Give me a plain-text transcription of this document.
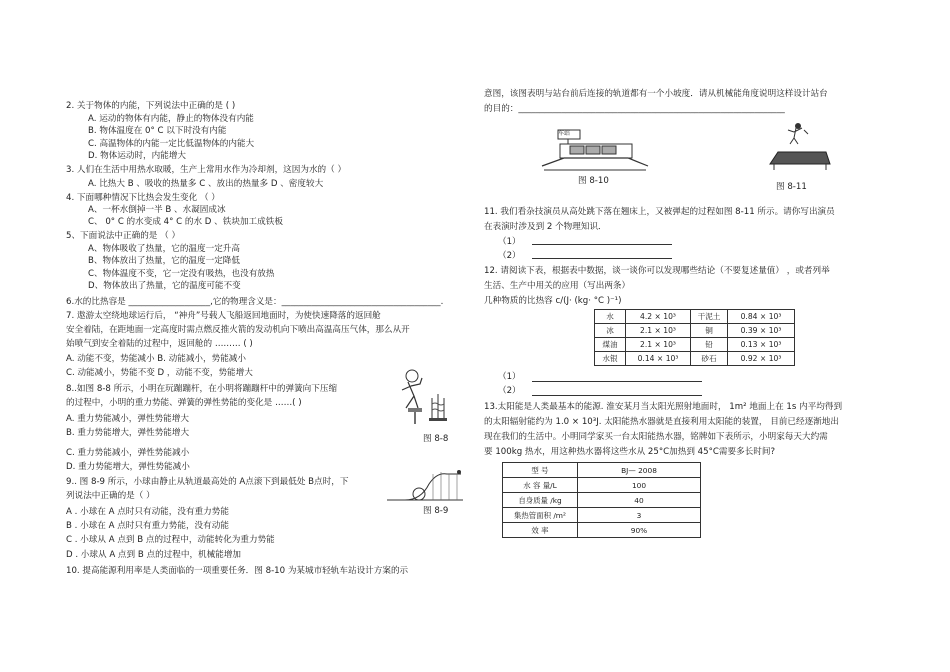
2. 关于物体的内能，下列说法中正确的是 ( )
A. 运动的物体有内能，静止的物体没有内能
B. 物体温度在 0° C 以下时没有内能
C. 高温物体的内能一定比低温物体的内能大
D. 物体运动时，内能增大
3. 人们在生活中用热水取暖，生产上常用水作为冷却剂，这因为水的（ ）
A. 比热大 B 、吸收的热量多 C 、放出的热量多 D 、密度较大
4. 下面哪种情况下比热会发生变化 （ ）
A、一杯水倒掉一半 B 、水凝固成冰
C、 0° C 的水变成 4° C 的水 D 、铁块加工成铁板
5、下面说法中正确的是 （ ）
A、物体吸收了热量，它的温度一定升高
B、物体放出了热量，它的温度一定降低
C、物体温度不变，它一定没有吸热，也没有放热
D、物体放出了热量，它的温度可能不变
6.水的比热容是 ___________________,它的物理含义是：_____________________________________.
7. 遨游太空绕地球运行后， “神舟”号载人飞船返回地面时，为使快速降落的返回舱
安全着陆，在距地面一定高度时需点燃反推火箭的发动机向下喷出高温高压气体，那么从开
始喷气到安全着陆的过程中，返回舱的 ……… ( )
A. 动能不变，势能减小 B. 动能减小，势能减小
C. 动能减小，势能不变 D ，动能不变，势能增大
8..如图 8-8 所示，小明在玩蹦蹦杆，在小明将蹦蹦杆中的弹簧向下压缩
的过程中，小明的重力势能、弹簧的弹性势能的变化是 ……( )
A. 重力势能减小，弹性势能增大
B. 重力势能增大，弹性势能增大
C. 重力势能减小，弹性势能减小
D. 重力势能增大，弹性势能减小
9.. 图 8-9 所示，小球由静止从轨道最高处的 A点滚下到最低处 B点时，下
列说法中正确的是（ ）
A . 小球在 A 点时只有动能，没有重力势能
B . 小球在 A 点时只有重力势能，没有动能
C . 小球从 A 点到 B 点的过程中，动能转化为重力势能
D . 小球从 A 点到 B 点的过程中，机械能增加
10. 提高能源利用率是人类面临的一项重要任务．图 8-10 为某城市轻轨车站设计方案的示
图 8-8
图 8-9
意图，该图表明与站台前后连接的轨道都有一个小坡度．请从机械能角度说明这样设计站台
的目的：______________________________________________________________
11. 我们看杂技演员从高处跳下落在翘床上，又被弹起的过程如图 8-11 所示。请你写出演员
在表演时涉及到 2 个物理知识．
（1）
（2）
12. 请阅读下表，根据表中数据，谈一谈你可以发现哪些结论（不要复述量值） ，或者列举
生活、生产中用关的应用（写出两条）
几种物质的比热容 c/(J· (kg· °C )⁻¹)
（1）
（2）
13.太阳能是人类最基本的能源. 淮安某月当太阳光照射地面时， 1m² 地面上在 1s 内平均得到
的太阳辐射能约为 1.0 × 10³J. 太阳能热水器就是直接利用太阳能的装置， 目前已经逐渐地出
现在我们的生活中。小明同学家买一台太阳能热水器，铭牌如下表所示，小明家每天大约需
要 100kg 热水，用这种热水器将这些水从 25°C加热到 45°C需要多长时间?
车站
图 8-10
图 8-11
水	4.2 × 10³	干泥土	0.84 × 10³
冰	2.1 × 10³	铜	0.39 × 10³
煤油	2.1 × 10³	铅	0.13 × 10³
水银	0.14 × 10³	砂石	0.92 × 10³
型 号	BJ— 2008
水 容 量/L	100
自身质量 /kg	40
集热管面积 /m²	3
效 率	90%
